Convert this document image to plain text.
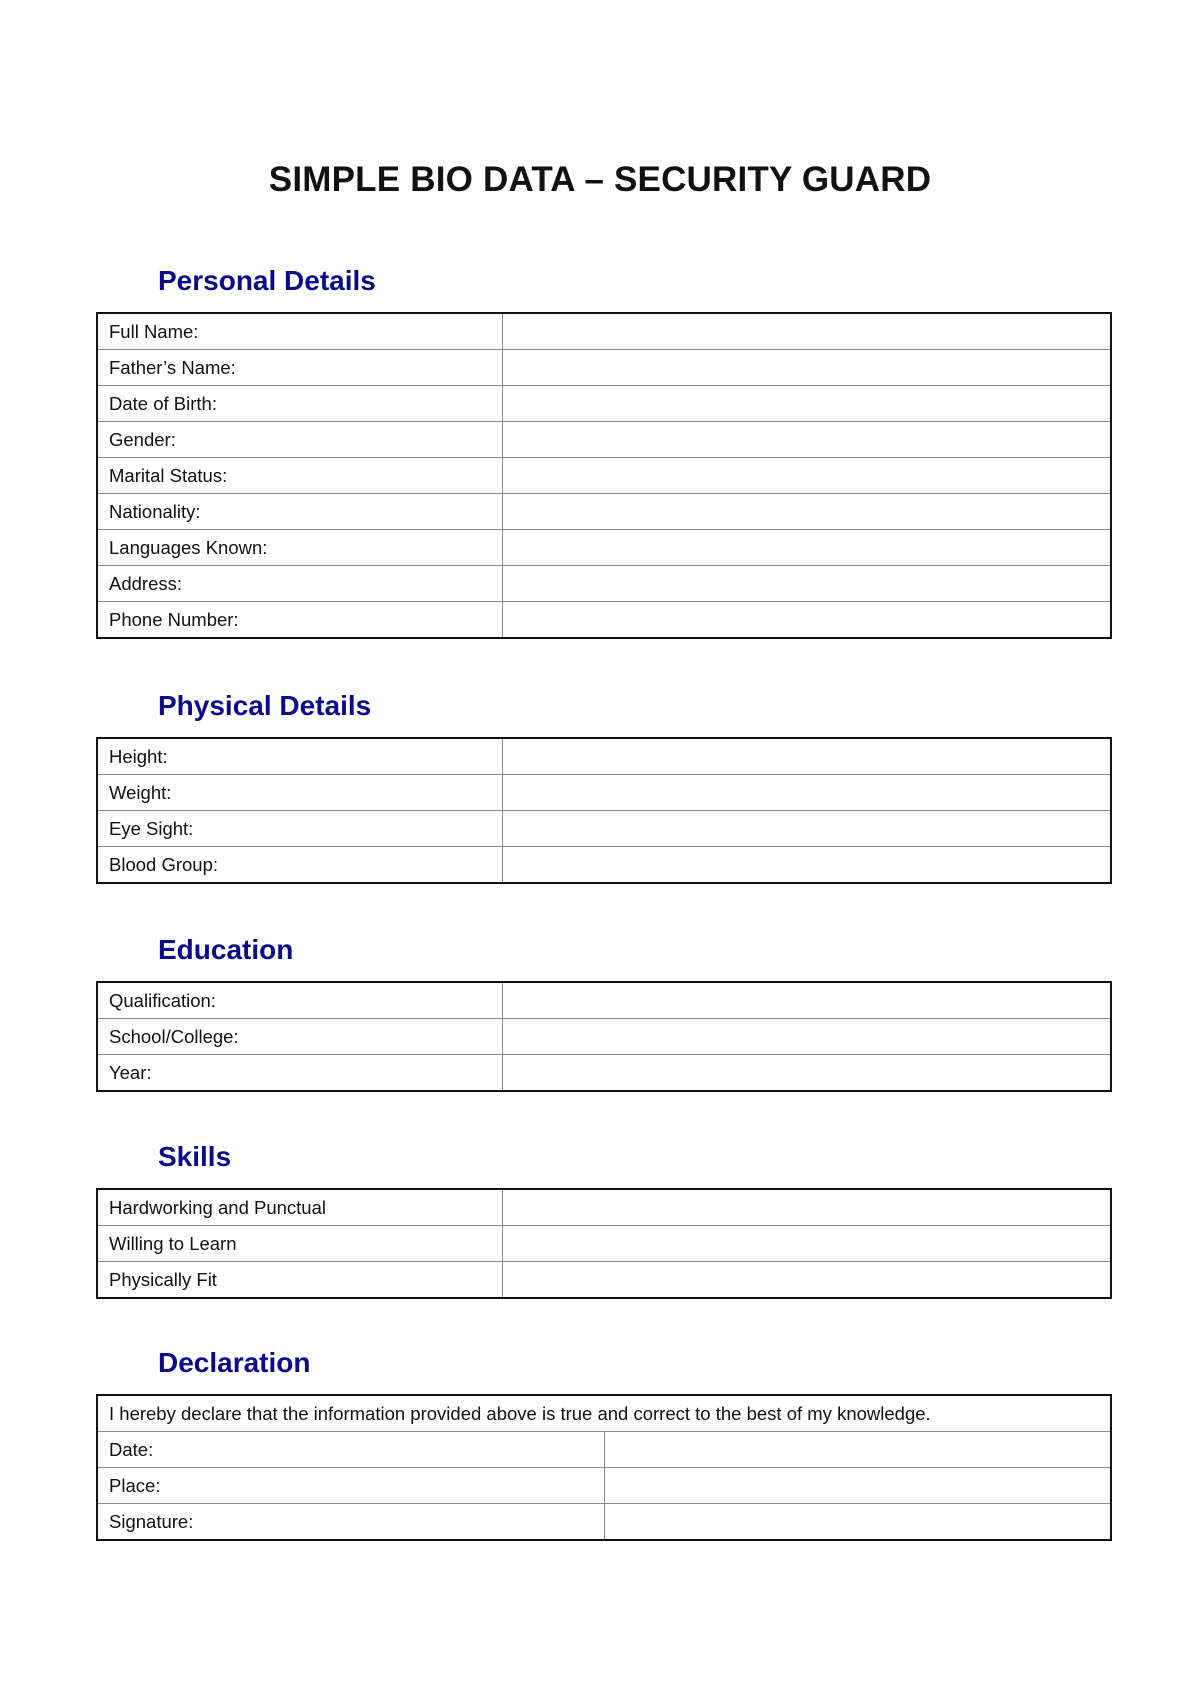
SIMPLE BIO DATA – SECURITY GUARD
Personal Details
Full Name:	
Father’s Name:	
Date of Birth:	
Gender:	
Marital Status:	
Nationality:	
Languages Known:	
Address:	
Phone Number:	
Physical Details
Height:	
Weight:	
Eye Sight:	
Blood Group:	
Education
Qualification:	
School/College:	
Year:	
Skills
Hardworking and Punctual	
Willing to Learn	
Physically Fit	
Declaration
I hereby declare that the information provided above is true and correct to the best of my knowledge.	
Date:	
Place:	
Signature:	
